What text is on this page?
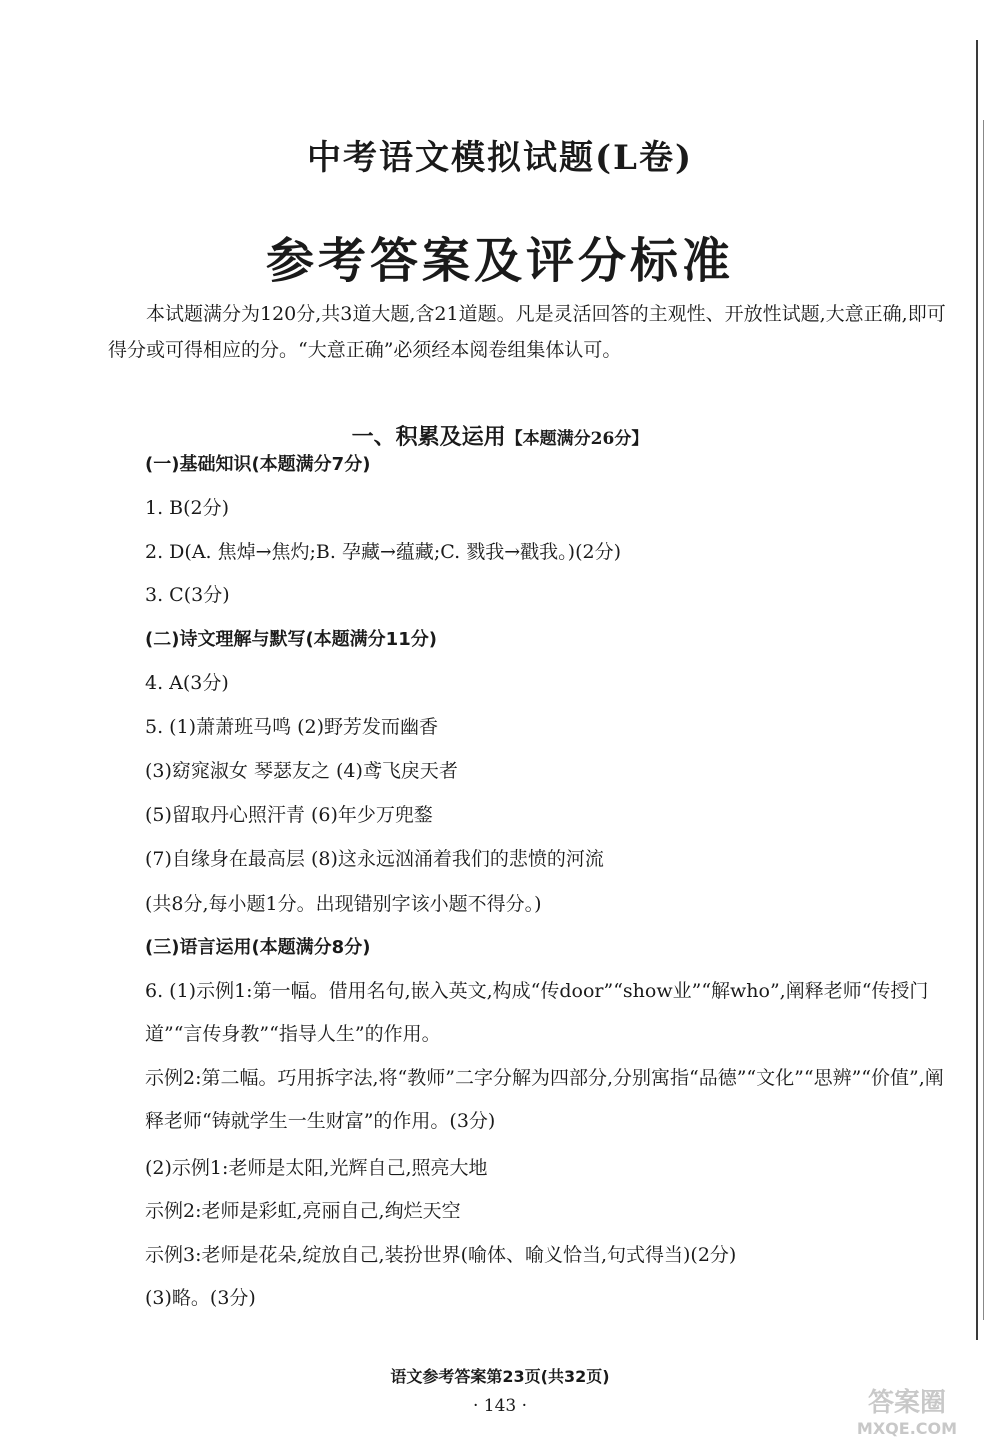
中考语文模拟试题(L卷)
参考答案及评分标准
本试题满分为120分,共3道大题,含21道题。凡是灵活回答的主观性、开放性试题,大意正确,即可得分或可得相应的分。“大意正确”必须经本阅卷组集体认可。
一、积累及运用【本题满分26分】
(一)基础知识(本题满分7分)
1. B(2分)
2. D(A. 焦焯→焦灼;B. 孕藏→蕴藏;C. 戮我→戳我。)(2分)
3. C(3分)
(二)诗文理解与默写(本题满分11分)
4. A(3分)
5. (1)萧萧班马鸣 (2)野芳发而幽香
(3)窈窕淑女 琴瑟友之 (4)鸢飞戾天者
(5)留取丹心照汗青 (6)年少万兜鍪
(7)自缘身在最高层 (8)这永远汹涌着我们的悲愤的河流
(共8分,每小题1分。出现错别字该小题不得分。)
(三)语言运用(本题满分8分)
6. (1)示例1:第一幅。借用名句,嵌入英文,构成“传door”“show业”“解who”,阐释老师“传授门道”“言传身教”“指导人生”的作用。
示例2:第二幅。巧用拆字法,将“教师”二字分解为四部分,分别寓指“品德”“文化”“思辨”“价值”,阐释老师“铸就学生一生财富”的作用。(3分)
(2)示例1:老师是太阳,光辉自己,照亮大地
示例2:老师是彩虹,亮丽自己,绚烂天空
示例3:老师是花朵,绽放自己,装扮世界(喻体、喻义恰当,句式得当)(2分)
(3)略。(3分)
语文参考答案第23页(共32页)
· 143 ·	答案圈
MXQE.COM
